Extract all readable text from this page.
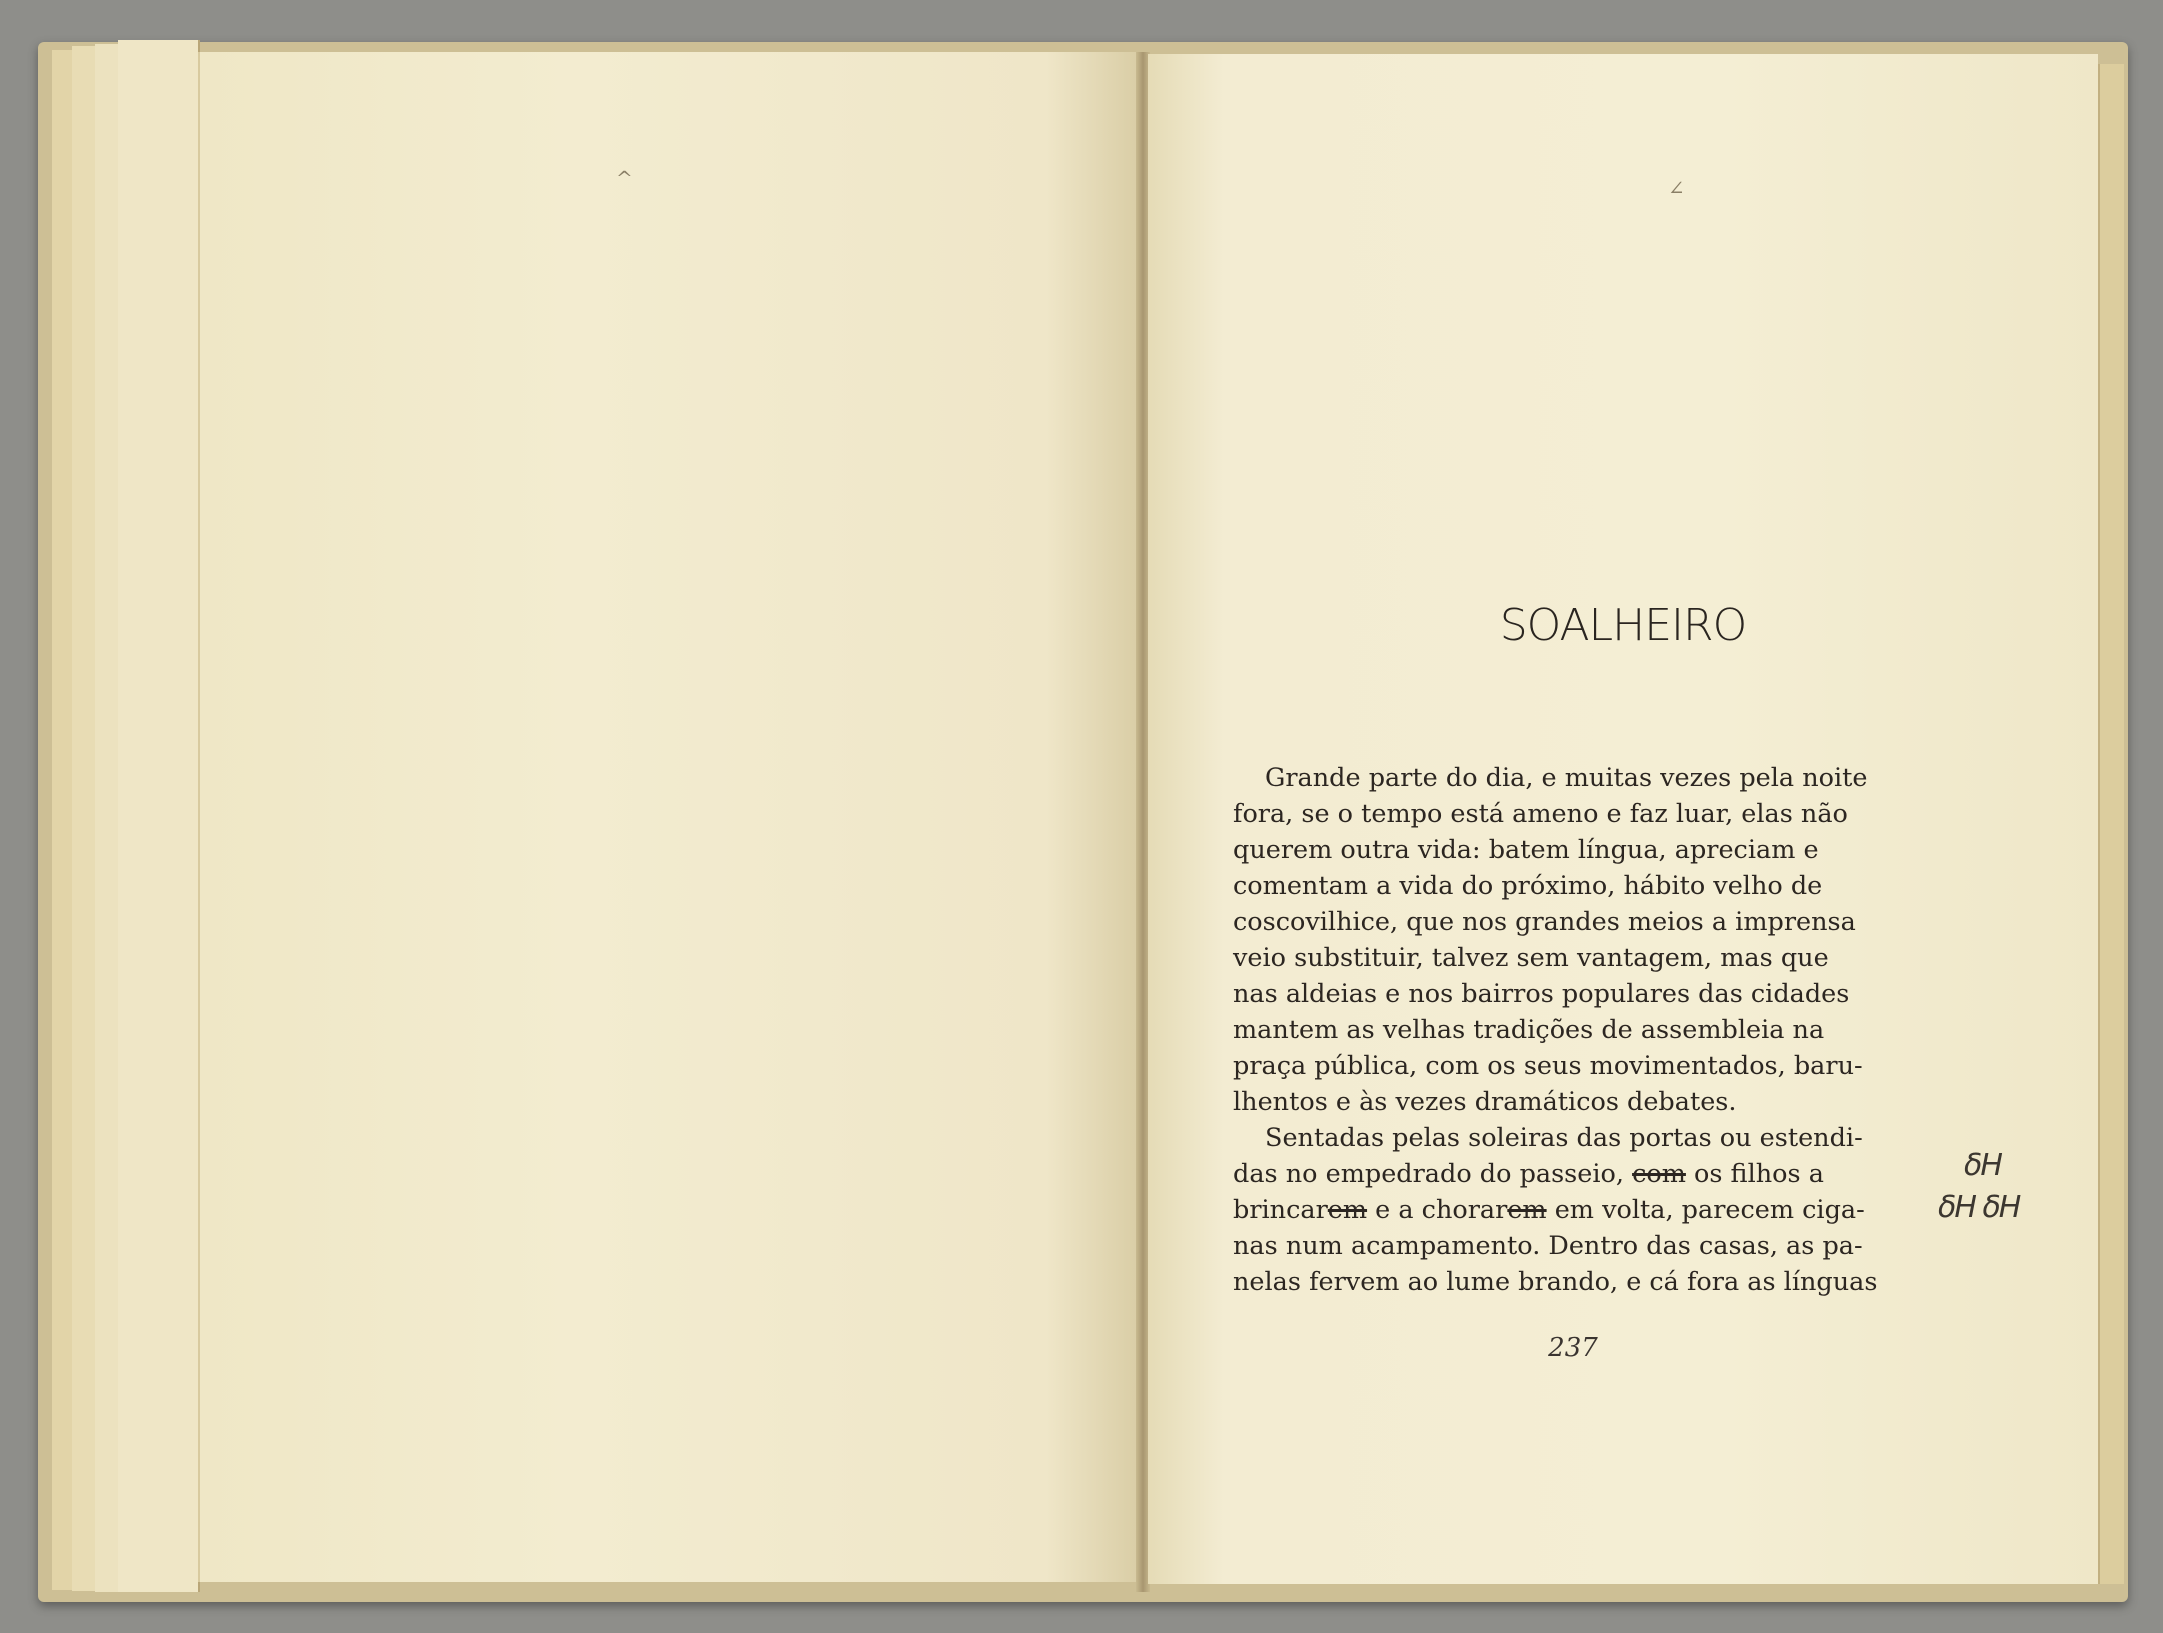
^	∠
SOALHEIRO
Grande parte do dia, e muitas vezes pela noite
fora, se o tempo está ameno e faz luar, elas não
querem outra vida: batem língua, apreciam e
comentam a vida do próximo, hábito velho de
coscovilhice, que nos grandes meios a imprensa
veio substituir, talvez sem vantagem, mas que
nas aldeias e nos bairros populares das cidades
mantem as velhas tradições de assembleia na
praça pública, com os seus movimentados, baru-
lhentos e às vezes dramáticos debates.
Sentadas pelas soleiras das portas ou estendi-
das no empedrado do passeio, com os filhos a
brincarem e a chorarem em volta, parecem ciga-
nas num acampamento. Dentro das casas, as pa-
nelas fervem ao lume brando, e cá fora as línguas
δH
δH δH
237
